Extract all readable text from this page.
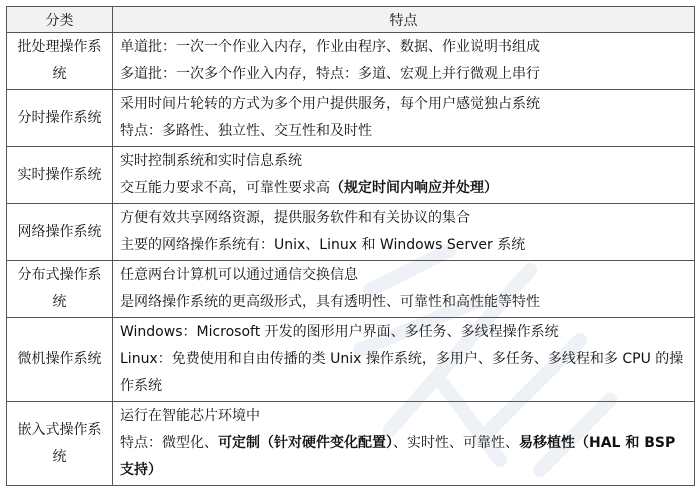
分类	特点
批处理操作系统	单道批：一次一个作业入内存，作业由程序、数据、作业说明书组成
多道批：一次多个作业入内存，特点：多道、宏观上并行微观上串行

分时操作系统	采用时间片轮转的方式为多个用户提供服务，每个用户感觉独占系统
特点：多路性、独立性、交互性和及时性

实时操作系统	实时控制系统和实时信息系统
交互能力要求不高，可靠性要求高（规定时间内响应并处理）

网络操作系统	方便有效共享网络资源，提供服务软件和有关协议的集合
主要的网络操作系统有：Unix、Linux 和 Windows Server 系统

分布式操作系统	任意两台计算机可以通过通信交换信息
是网络操作系统的更高级形式，具有透明性、可靠性和高性能等特性

微机操作系统	Windows：Microsoft 开发的图形用户界面、多任务、多线程操作系统
Linux：免费使用和自由传播的类 Unix 操作系统，多用户、多任务、多线程和多 CPU 的操作系统

嵌入式操作系统	运行在智能芯片环境中
特点：微型化、可定制（针对硬件变化配置）、实时性、可靠性、易移植性（HAL 和 BSP 支持）
